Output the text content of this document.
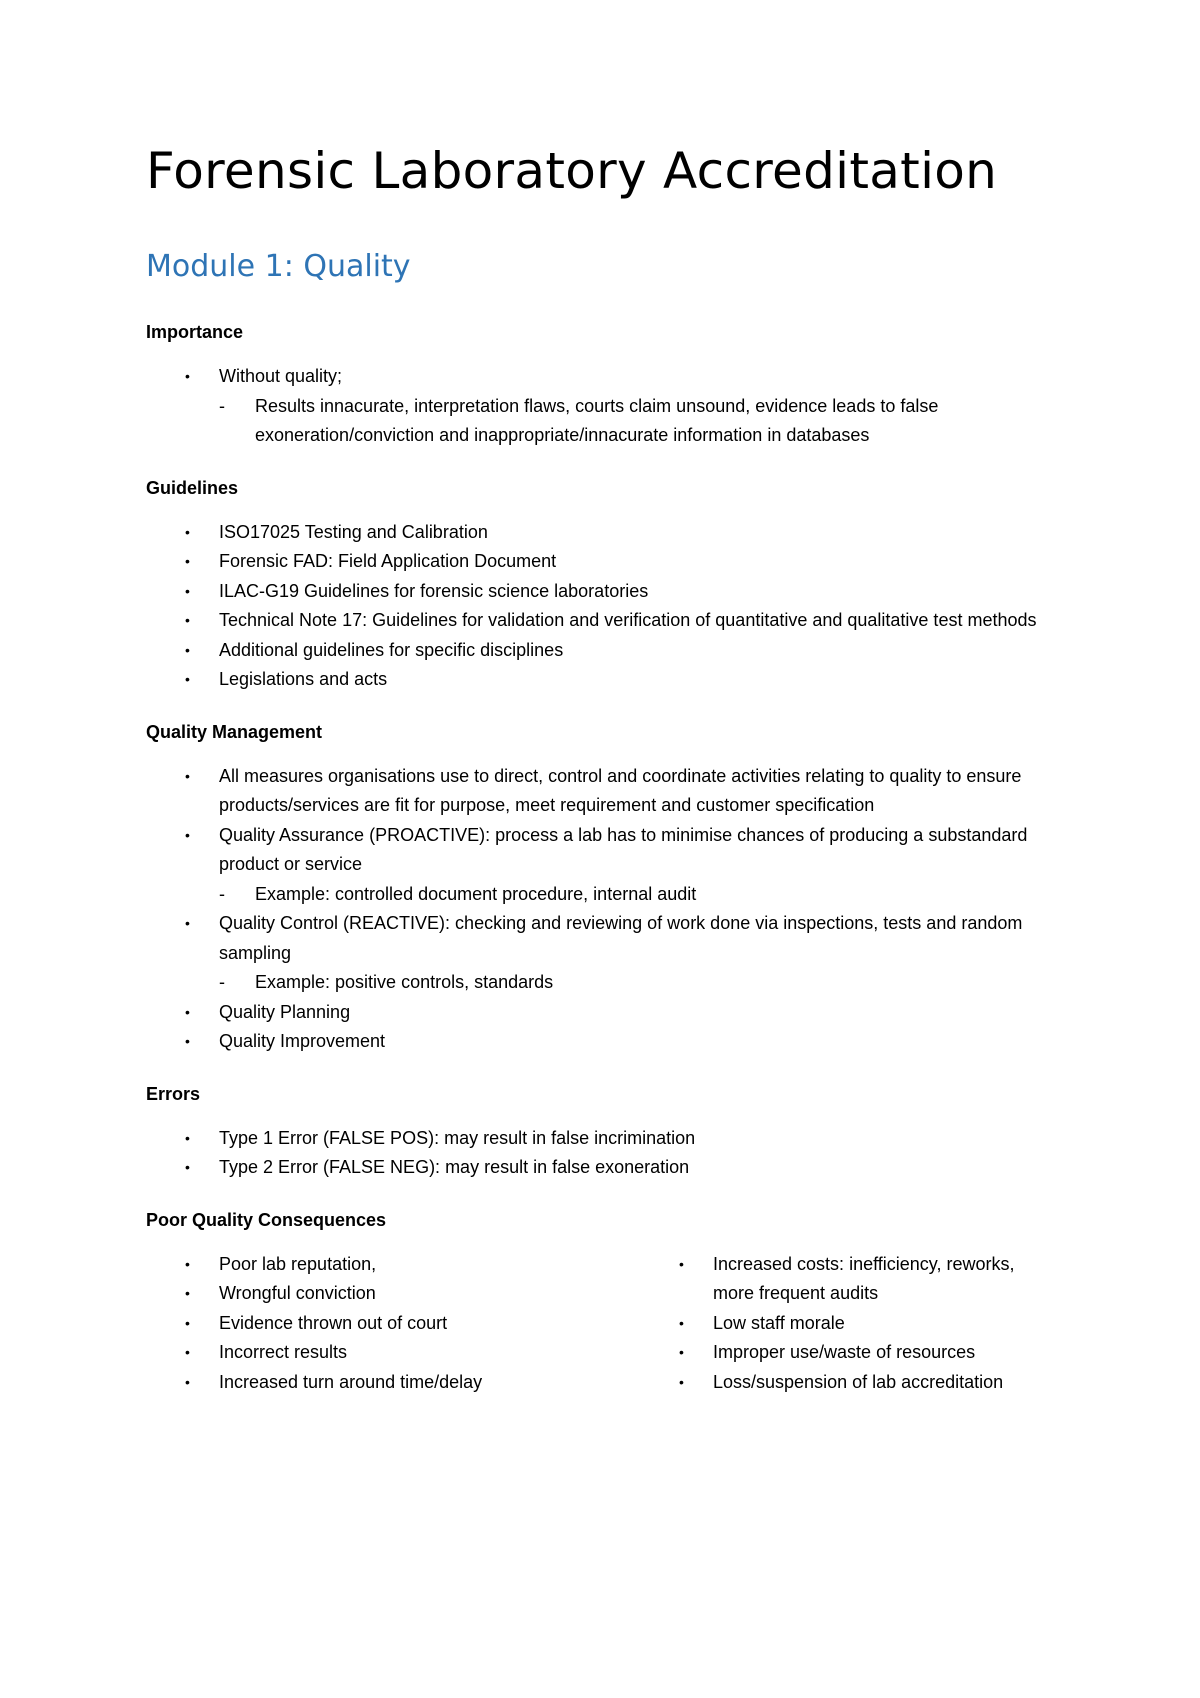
Forensic Laboratory Accreditation
Module 1: Quality
Importance
•	Without quality;
- Results innacurate, interpretation flaws, courts claim unsound, evidence leads to false exoneration/conviction and inappropriate/innacurate information in databases
Guidelines
•	ISO17025 Testing and Calibration
•	Forensic FAD: Field Application Document
•	ILAC-G19 Guidelines for forensic science laboratories
•	Technical Note 17: Guidelines for validation and verification of quantitative and qualitative test methods
•	Additional guidelines for specific disciplines
•	Legislations and acts
Quality Management
•	All measures organisations use to direct, control and coordinate activities relating to quality to ensure products/services are fit for purpose, meet requirement and customer specification
•	Quality Assurance (PROACTIVE): process a lab has to minimise chances of producing a substandard product or service
- Example: controlled document procedure, internal audit
•	Quality Control (REACTIVE): checking and reviewing of work done via inspections, tests and random sampling
- Example: positive controls, standards
•	Quality Planning
•	Quality Improvement
Errors
•	Type 1 Error (FALSE POS): may result in false incrimination
•	Type 2 Error (FALSE NEG): may result in false exoneration
Poor Quality Consequences
•	Poor lab reputation,
•	Wrongful conviction
•	Evidence thrown out of court
•	Incorrect results
•	Increased turn around time/delay
•	Increased costs: inefficiency, reworks, more frequent audits
•	Low staff morale
•	Improper use/waste of resources
•	Loss/suspension of lab accreditation
